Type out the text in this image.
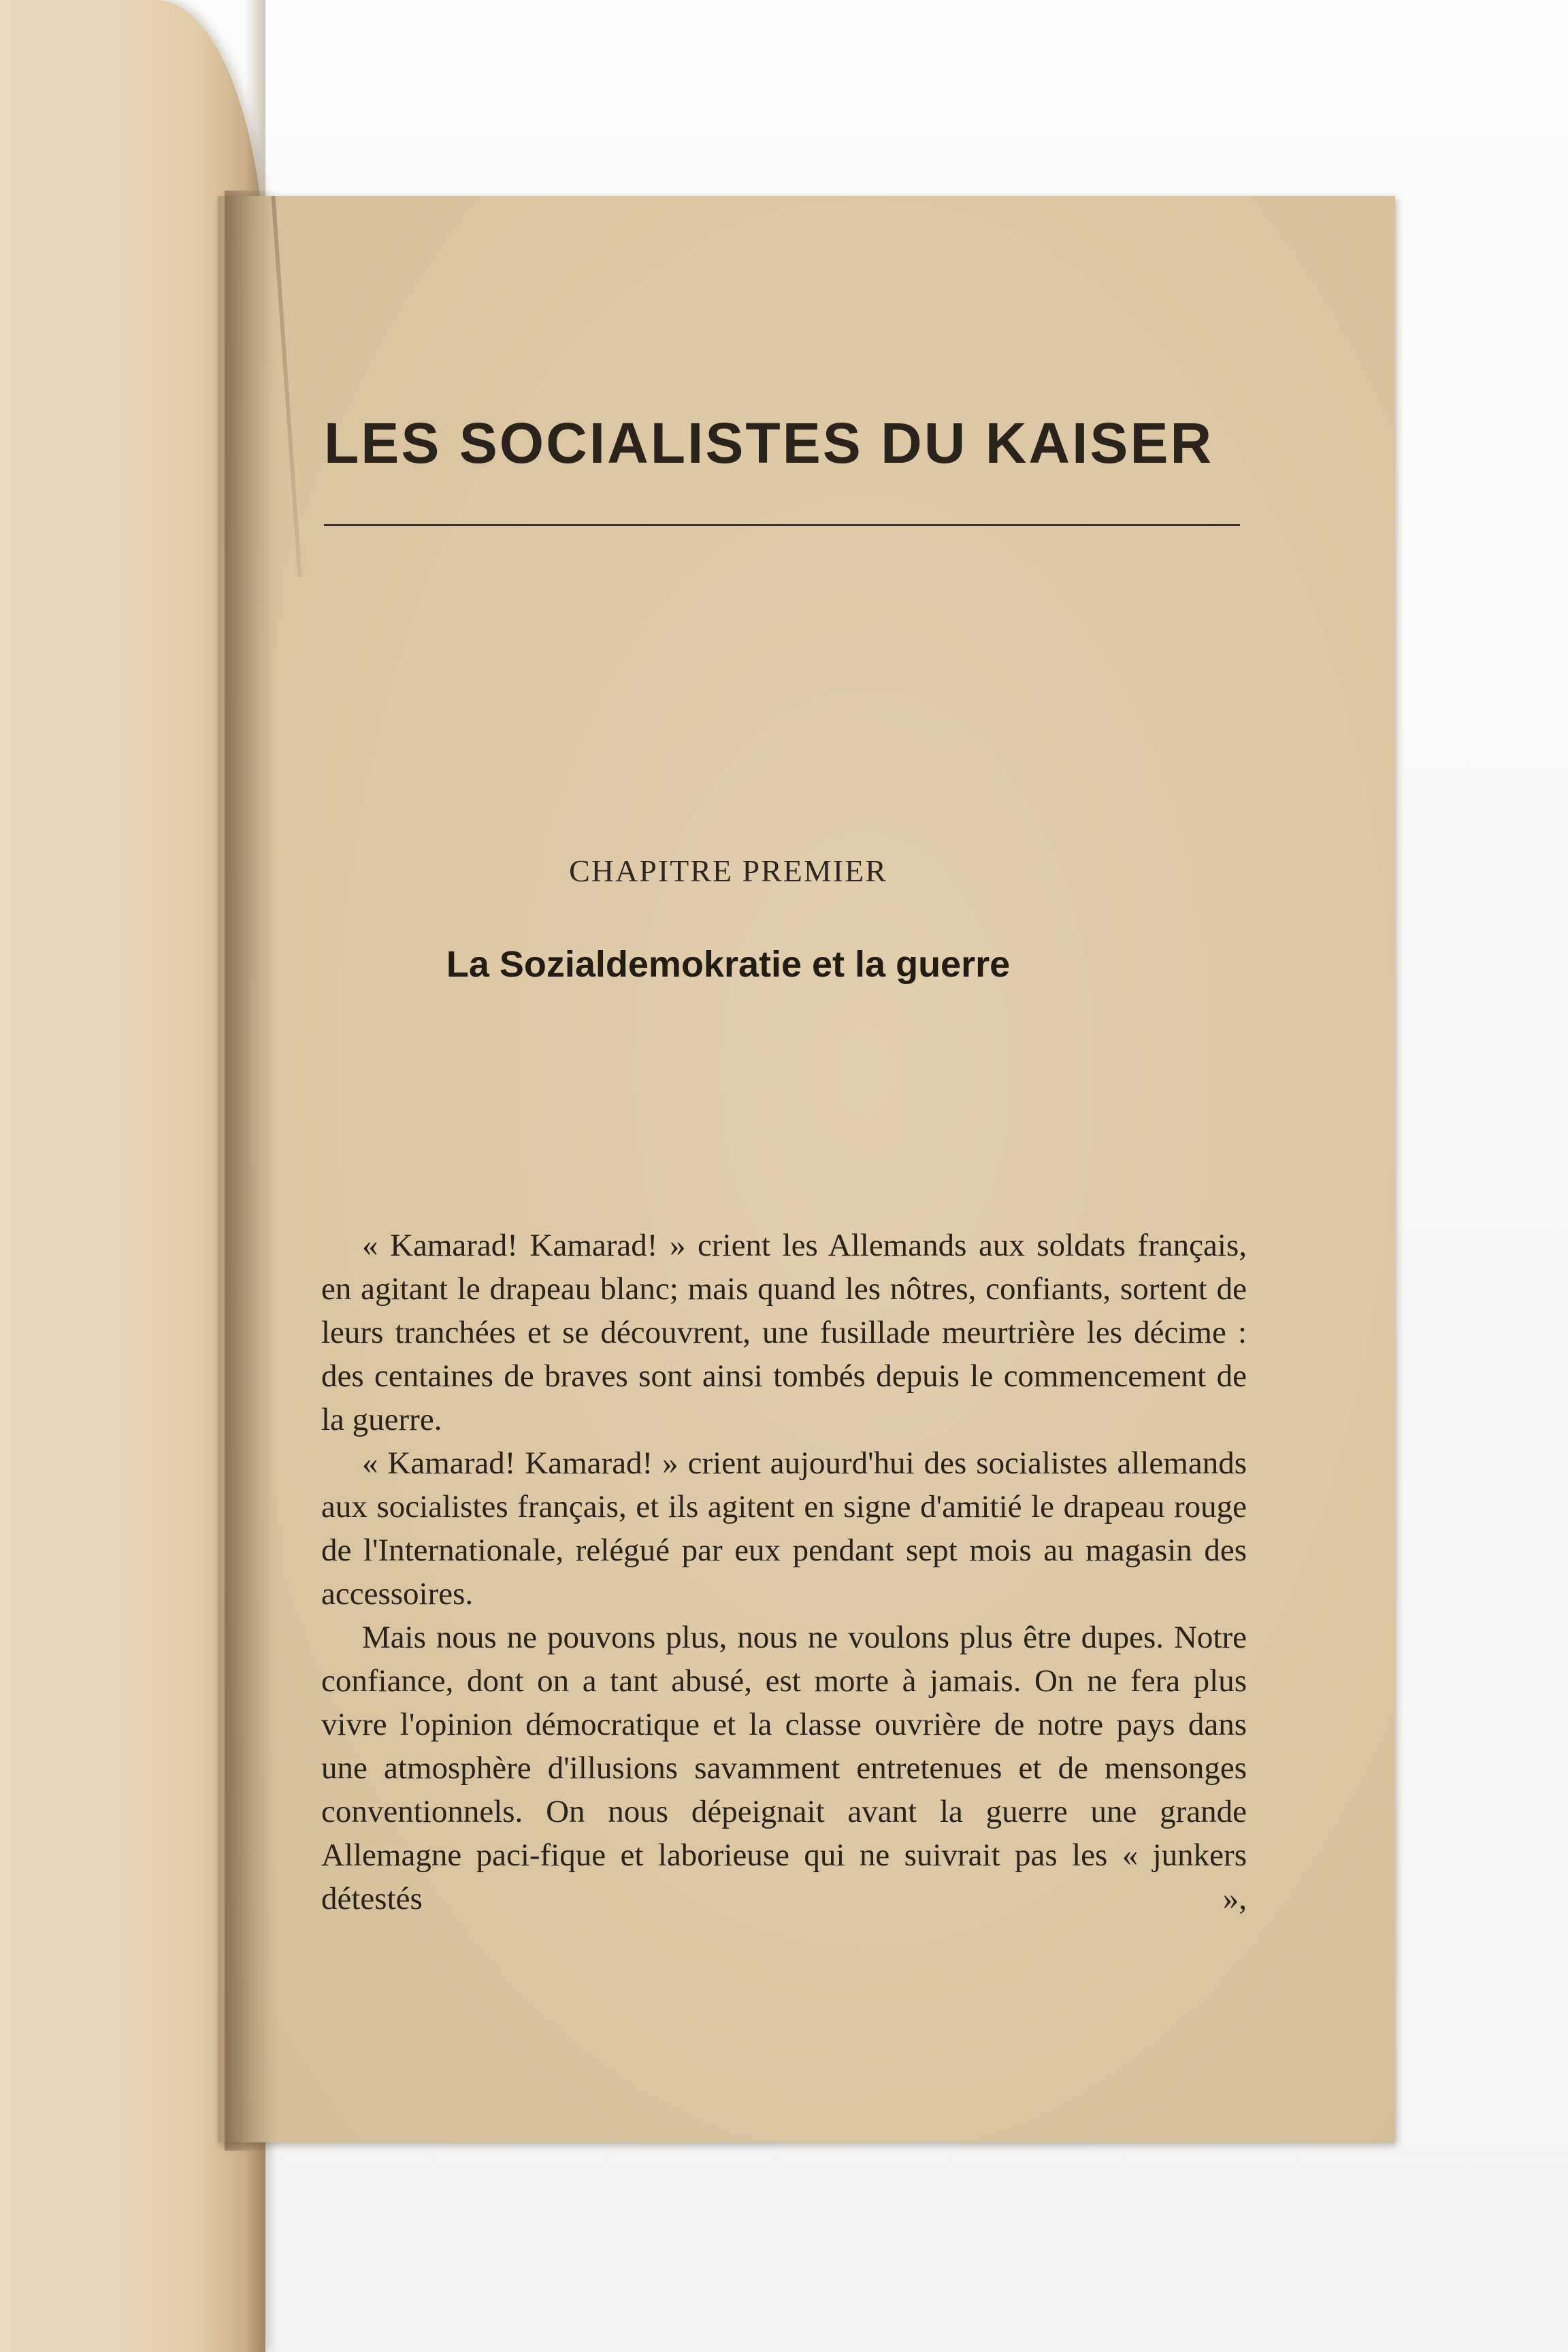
LES SOCIALISTES DU KAISER
CHAPITRE PREMIER
La Sozialdemokratie et la guerre

« Kamarad! Kamarad! » crient les Allemands aux soldats français, en agitant le drapeau blanc; mais quand les nôtres, confiants, sortent de leurs tranchées et se découvrent, une fusillade meurtrière les décime : des centaines de braves sont ainsi tombés depuis le commencement de la guerre.

« Kamarad! Kamarad! » crient aujourd'hui des socialistes allemands aux socialistes français, et ils agitent en signe d'amitié le drapeau rouge de l'Internationale, relégué par eux pendant sept mois au magasin des accessoires.

Mais nous ne pouvons plus, nous ne voulons plus être dupes. Notre confiance, dont on a tant abusé, est morte à jamais. On ne fera plus vivre l'opinion démocratique et la classe ouvrière de notre pays dans une atmosphère d'illusions savamment entretenues et de mensonges conventionnels. On nous dépeignait avant la guerre une grande Allemagne paci-fique et laborieuse qui ne suivrait pas les « junkers détestés »,
